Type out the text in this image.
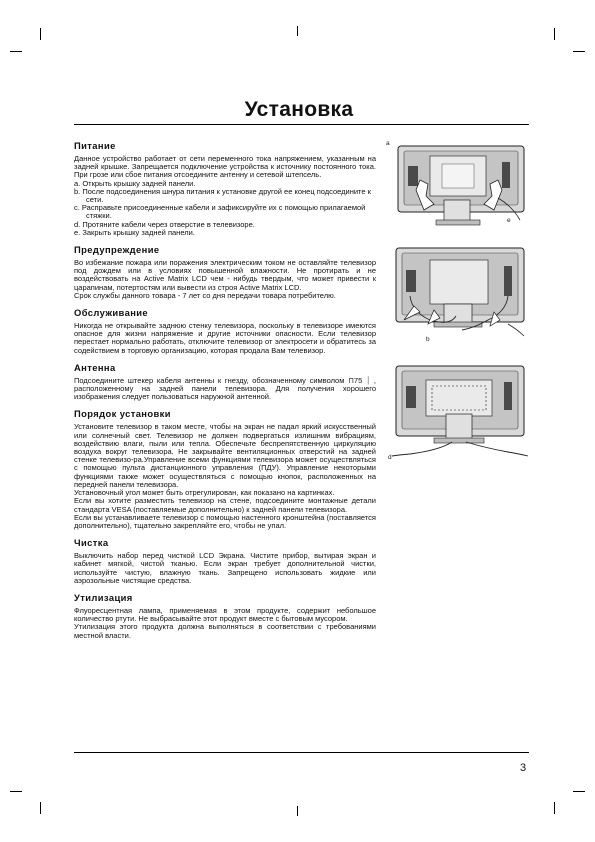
Установка
Питание

Данное устройство работает от сети переменного тока напряжением, указанным на задней крышке. Запрещается подключение устройства к источнику постоянного тока. При грозе или сбое питания отсоедините антенну и сетевой штепсель.

a. Открыть крышку задней панели.
b. После подсоединения шнура питания к установке другой ее конец подсоедините к сети.
c. Расправьте присоединенные кабели и зафиксируйте их с помощью прилагаемой стяжки.
d. Протяните кабели через отверстие в телевизоре.
e. Закрыть крышку задней панели.
Предупреждение

Во избежание пожара или поражения электрическим током не оставляйте телевизор под дождем или в условиях повышенной влажности. Не протирать и не воздействовать на Active Matrix LCD чем - нибудь твердым, что может привести к царапинам, потертостям или вывести из строя Active Matrix LCD.

Срок службы данного товара - 7 лет со дня передачи товара потребителю.

Обслуживание

Никогда не открывайте заднюю стенку телевизора, поскольку в телевизоре имеются опасное для жизни напряжение и другие источники опасности. Если телевизор перестает нормально работать, отключите телевизор от электросети и обратитесь за содействием в торговую организацию, которая продала Вам телевизор.

Антенна

Подсоедините штекер кабеля антенны к гнезду, обозначенному символом ⊓75 ⏐ , расположенному на задней панели телевизора. Для получения хорошего изображения следует пользоваться наружной антенной.

Порядок установки

Установите телевизор в таком месте, чтобы на экран не падал яркий искусственный или солнечный свет. Телевизор не должен подвергаться излишним вибрациям, воздействию влаги, пыли или тепла. Обеспечьте беспрепятственную циркуляцию воздуха вокруг телевизора. Не закрывайте вентиляционных отверстий на задней стенке телевизо-ра.Управление всеми функциями телевизора может осуществляться с помощью пульта дистанционного управления (ПДУ). Управление некоторыми функциями также может осуществляться с помощью кнопок, расположенных на передней панели телевизора.

Установочный угол может быть отрегулирован, как показано на картинках.

Если вы хотите разместить телевизор на стене, подсоедините монтажные детали стандарта VESA (поставляемые дополнительно) к задней панели телевизора.

Если вы устанавливаете телевизор с помощью настенного кронштейна (поставляется дополнительно), тщательно закрепляйте его, чтобы не упал.

Чистка

Выключить набор перед чисткой LCD Экрана. Чистите прибор, вытирая экран и кабинет мягкой, чистой тканью. Если экран требует дополнительной чистки, используйте чистую, влажную ткань. Запрещено использовать жидкие или аэрозольные чистящие средства.

Утилизация

Флуоресцентная лампа, применяемая в этом продукте, содержит небольшое количество ртути. Не выбрасывайте этот продукт вместе с бытовым мусором.

Утилизация этого продукта должна выполняться в соответствии с требованиями местной власти.

a
e
b
d
3
